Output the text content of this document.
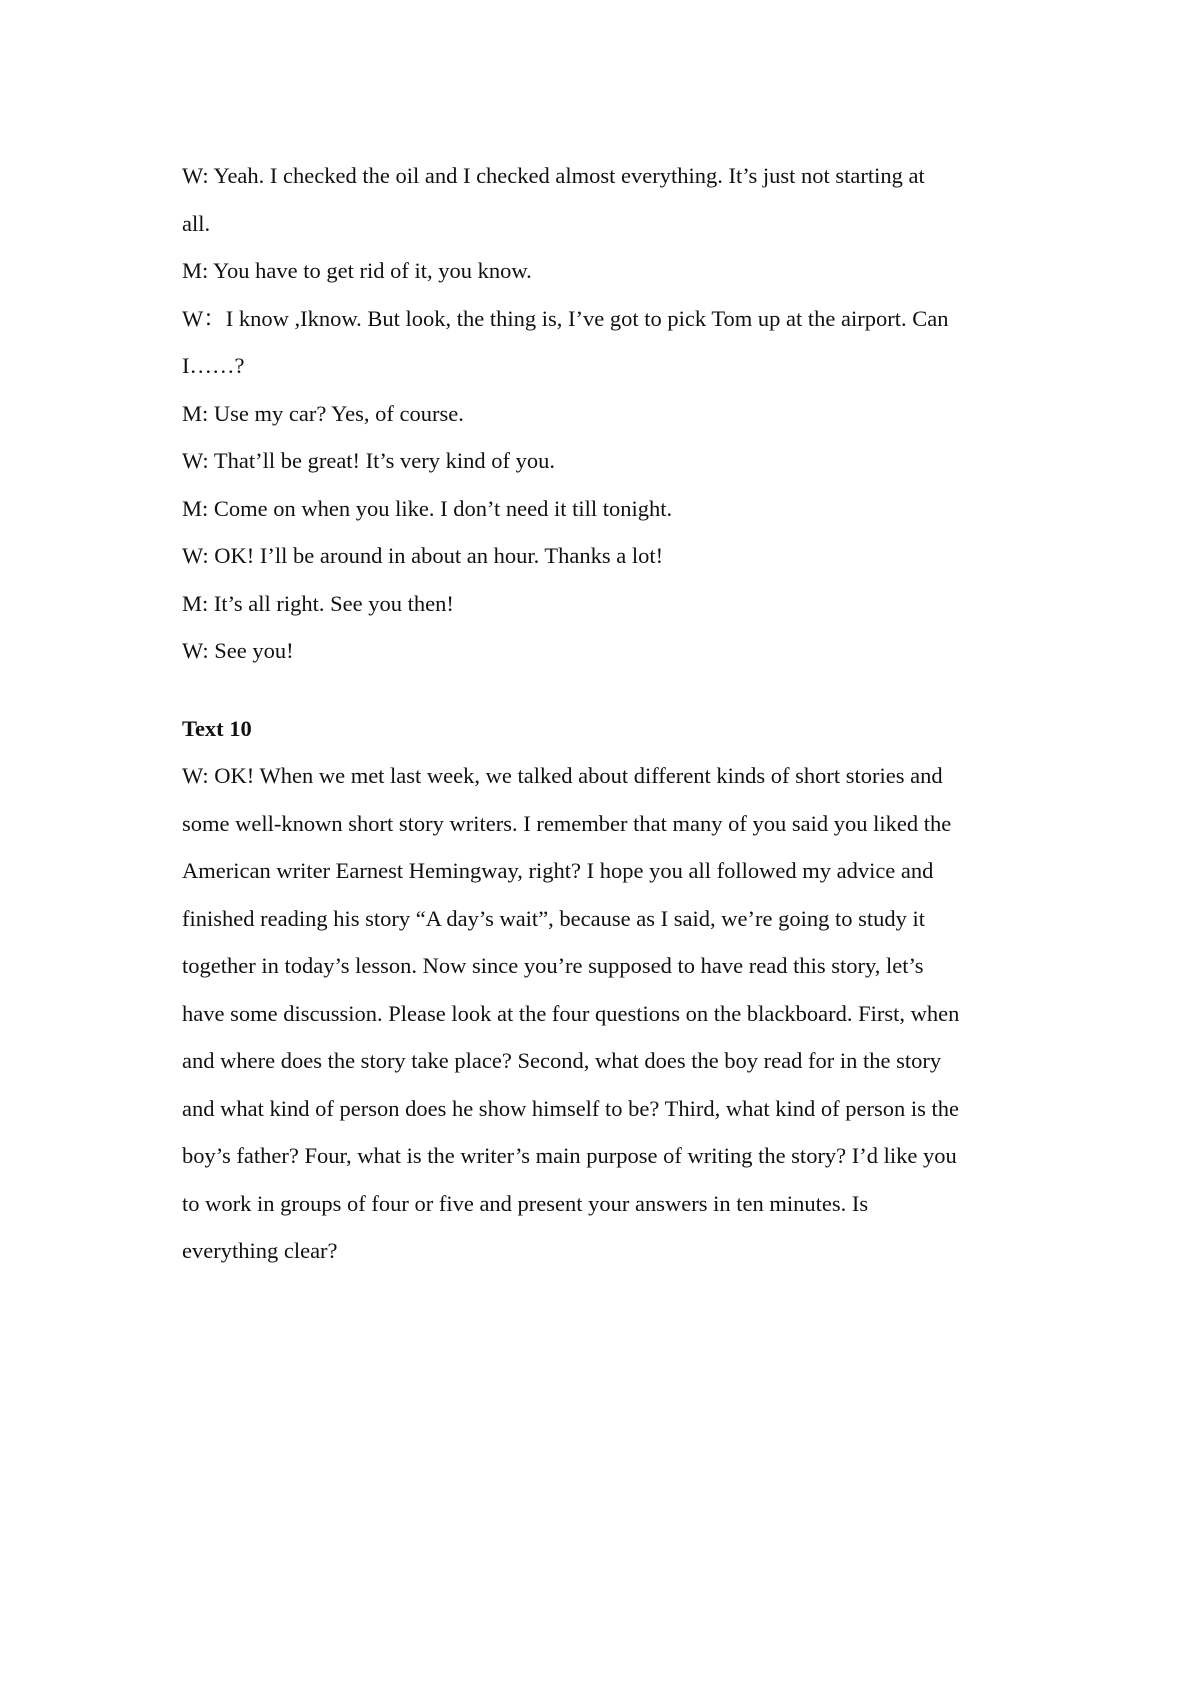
W: Yeah. I checked the oil and I checked almost everything. It’s just not starting at
all.
M: You have to get rid of it, you know.
W：I know ,Iknow. But look, the thing is, I’ve got to pick Tom up at the airport. Can
I……?
M: Use my car? Yes, of course.
W: That’ll be great! It’s very kind of you.
M: Come on when you like. I don’t need it till tonight.
W: OK! I’ll be around in about an hour. Thanks a lot!
M: It’s all right. See you then!
W: See you!
Text 10
W: OK! When we met last week, we talked about different kinds of short stories and
some well-known short story writers. I remember that many of you said you liked the
American writer Earnest Hemingway, right? I hope you all followed my advice and
finished reading his story “A day’s wait”, because as I said, we’re going to study it
together in today’s lesson. Now since you’re supposed to have read this story, let’s
have some discussion. Please look at the four questions on the blackboard. First, when
and where does the story take place? Second, what does the boy read for in the story
and what kind of person does he show himself to be? Third, what kind of person is the
boy’s father? Four, what is the writer’s main purpose of writing the story? I’d like you
to work in groups of four or five and present your answers in ten minutes. Is
everything clear?
